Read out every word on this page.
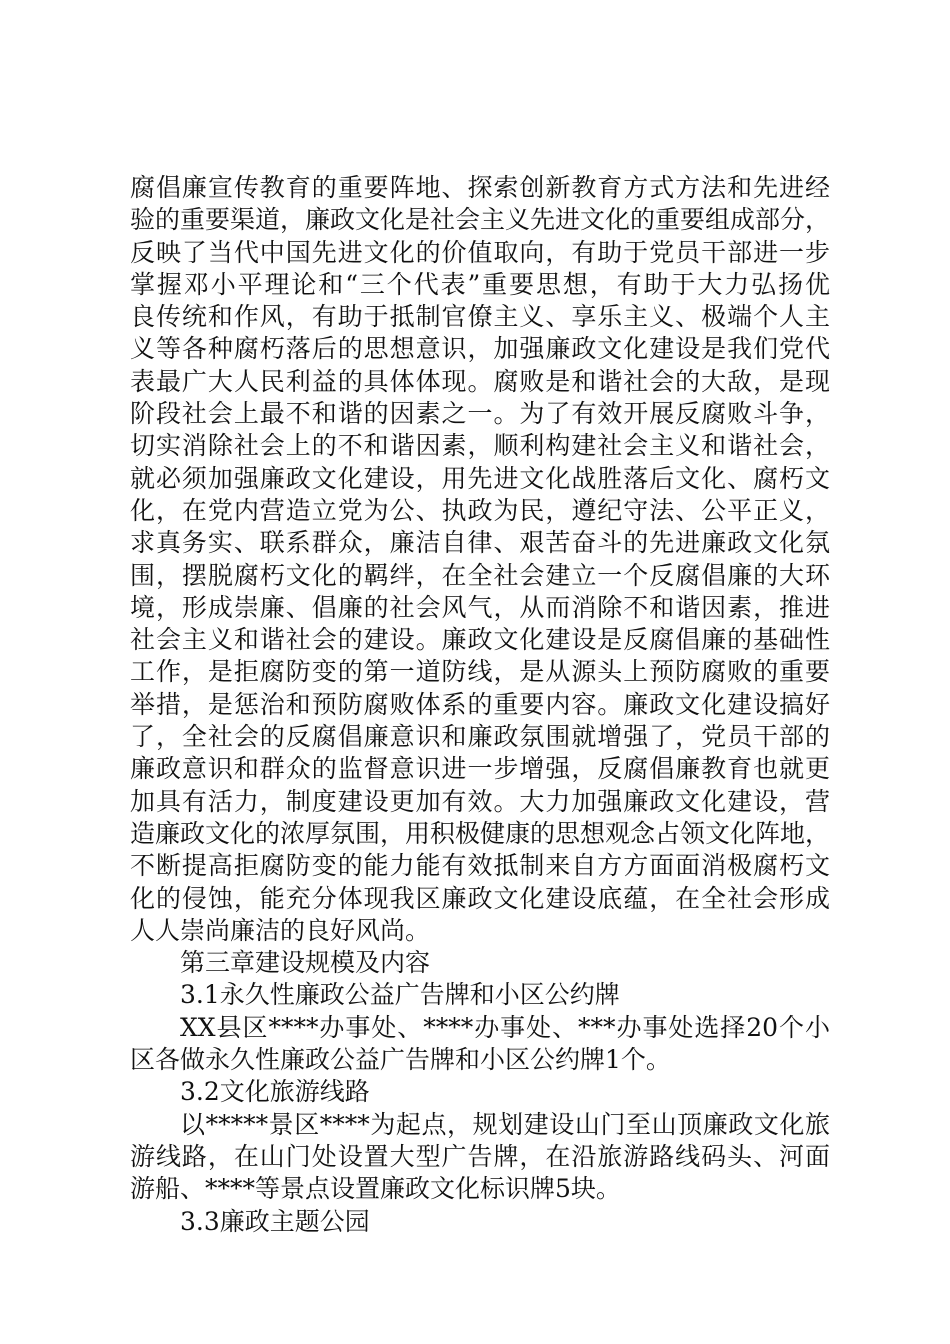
腐倡廉宣传教育的重要阵地、探索创新教育方式方法和先进经
验的重要渠道，廉政文化是社会主义先进文化的重要组成部分，
反映了当代中国先进文化的价值取向，有助于党员干部进一步
掌握邓小平理论和“三个代表”重要思想，有助于大力弘扬优
良传统和作风，有助于抵制官僚主义、享乐主义、极端个人主
义等各种腐朽落后的思想意识，加强廉政文化建设是我们党代
表最广大人民利益的具体体现。腐败是和谐社会的大敌，是现
阶段社会上最不和谐的因素之一。为了有效开展反腐败斗争，
切实消除社会上的不和谐因素，顺利构建社会主义和谐社会，
就必须加强廉政文化建设，用先进文化战胜落后文化、腐朽文
化，在党内营造立党为公、执政为民，遵纪守法、公平正义，
求真务实、联系群众，廉洁自律、艰苦奋斗的先进廉政文化氛
围，摆脱腐朽文化的羁绊，在全社会建立一个反腐倡廉的大环
境，形成崇廉、倡廉的社会风气，从而消除不和谐因素，推进
社会主义和谐社会的建设。廉政文化建设是反腐倡廉的基础性
工作，是拒腐防变的第一道防线，是从源头上预防腐败的重要
举措，是惩治和预防腐败体系的重要内容。廉政文化建设搞好
了，全社会的反腐倡廉意识和廉政氛围就增强了，党员干部的
廉政意识和群众的监督意识进一步增强，反腐倡廉教育也就更
加具有活力，制度建设更加有效。大力加强廉政文化建设，营
造廉政文化的浓厚氛围，用积极健康的思想观念占领文化阵地，
不断提高拒腐防变的能力能有效抵制来自方方面面消极腐朽文
化的侵蚀，能充分体现我区廉政文化建设底蕴，在全社会形成
人人崇尚廉洁的良好风尚。
第三章建设规模及内容
3.1永久性廉政公益广告牌和小区公约牌
XX县区****办事处、****办事处、***办事处选择20个小
区各做永久性廉政公益广告牌和小区公约牌1个。
3.2文化旅游线路
以*****景区****为起点，规划建设山门至山顶廉政文化旅
游线路，在山门处设置大型广告牌，在沿旅游路线码头、河面
游船、****等景点设置廉政文化标识牌5块。
3.3廉政主题公园
